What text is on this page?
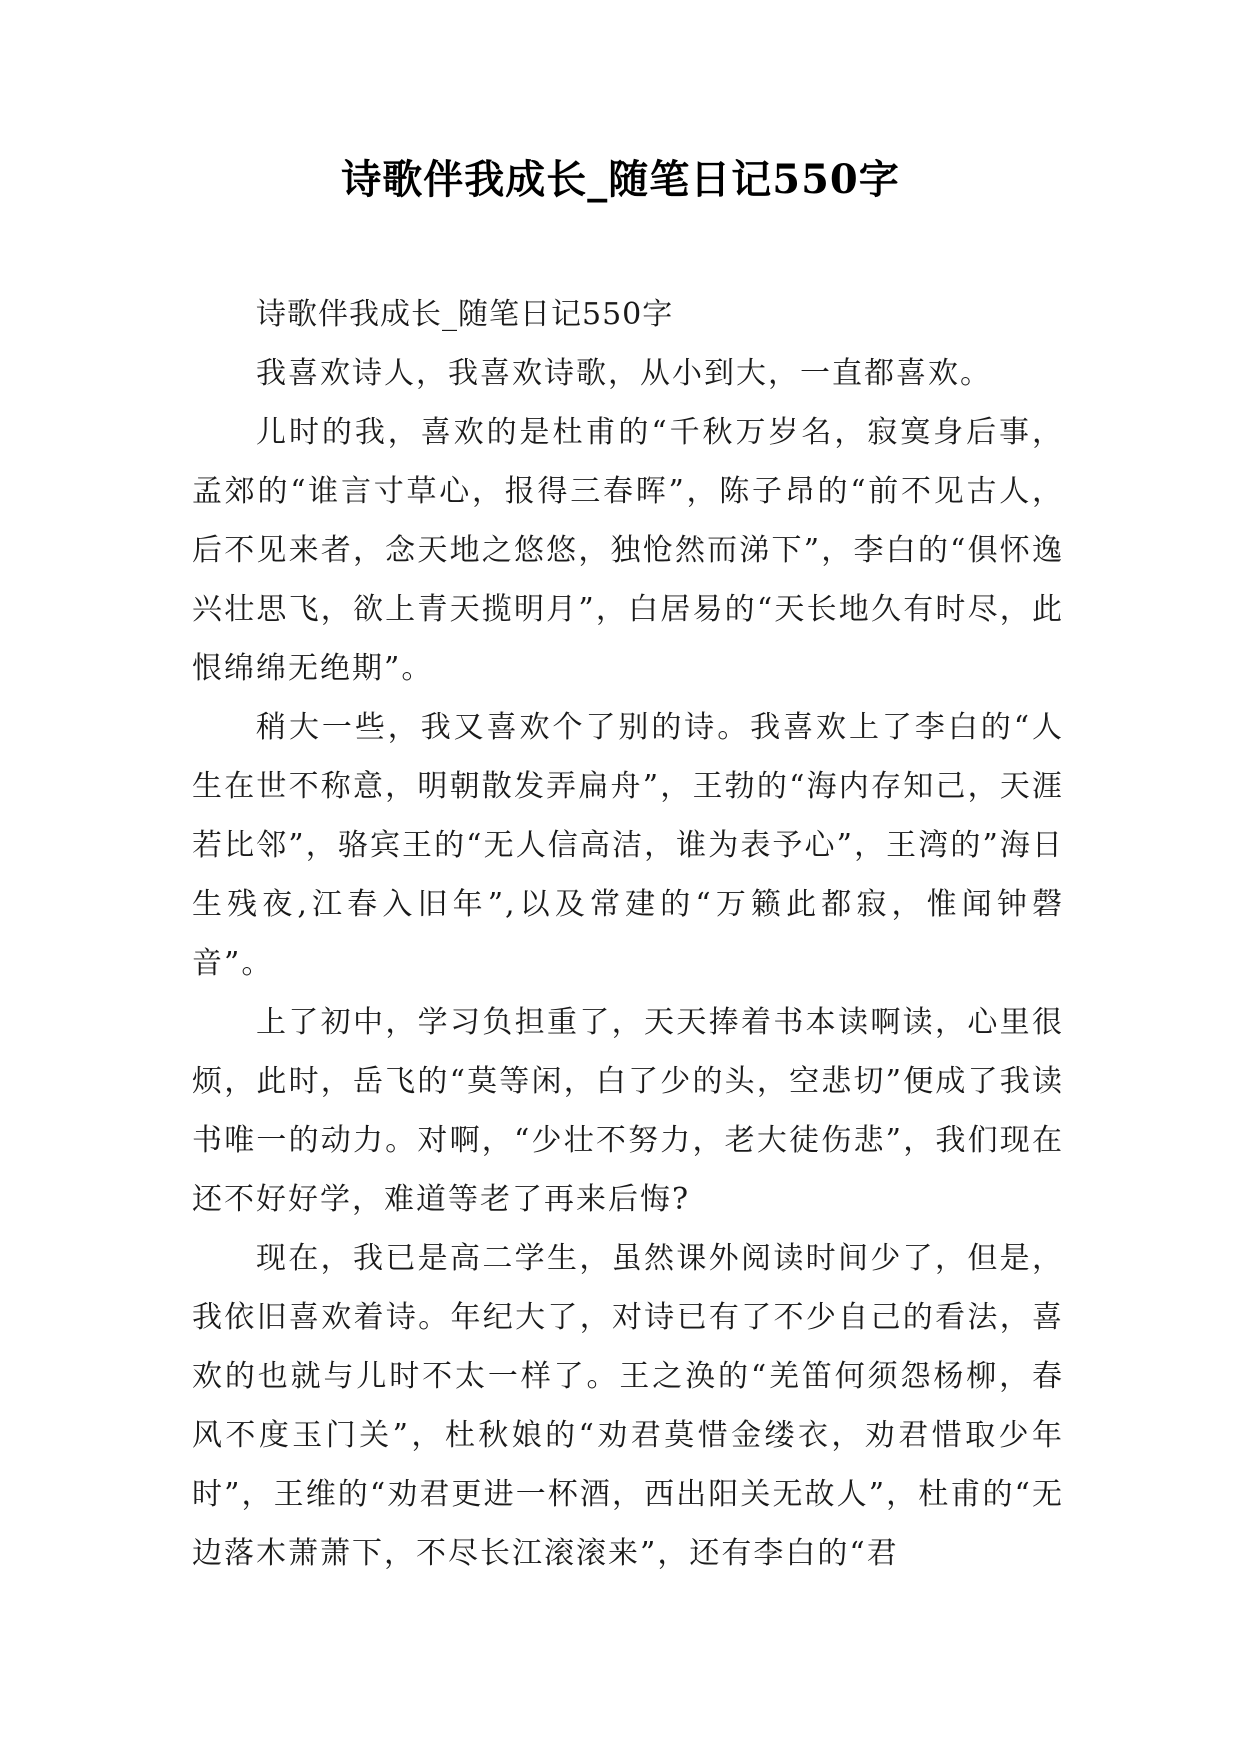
诗歌伴我成长_随笔日记550字

诗歌伴我成长_随笔日记550字

我喜欢诗人，我喜欢诗歌，从小到大，一直都喜欢。

儿时的我，喜欢的是杜甫的“千秋万岁名，寂寞身后事，孟郊的“谁言寸草心，报得三春晖”，陈子昂的“前不见古人，后不见来者，念天地之悠悠，独怆然而涕下”，李白的“俱怀逸兴壮思飞，欲上青天揽明月”，白居易的“天长地久有时尽，此恨绵绵无绝期”。

稍大一些，我又喜欢个了别的诗。我喜欢上了李白的“人生在世不称意，明朝散发弄扁舟”，王勃的“海内存知己，天涯若比邻”，骆宾王的“无人信高洁，谁为表予心”，王湾的”海日生残夜,江春入旧年”,以及常建的“万籁此都寂，惟闻钟磬音”。

上了初中，学习负担重了，天天捧着书本读啊读，心里很烦，此时，岳飞的“莫等闲，白了少的头，空悲切”便成了我读书唯一的动力。对啊，“少壮不努力，老大徒伤悲”，我们现在还不好好学，难道等老了再来后悔?

现在，我已是高二学生，虽然课外阅读时间少了，但是，我依旧喜欢着诗。年纪大了，对诗已有了不少自己的看法，喜欢的也就与儿时不太一样了。王之涣的“羌笛何须怨杨柳，春风不度玉门关”，杜秋娘的“劝君莫惜金缕衣，劝君惜取少年时”，王维的“劝君更进一杯酒，西出阳关无故人”，杜甫的“无边落木萧萧下，不尽长江滚滚来”，还有李白的“君
